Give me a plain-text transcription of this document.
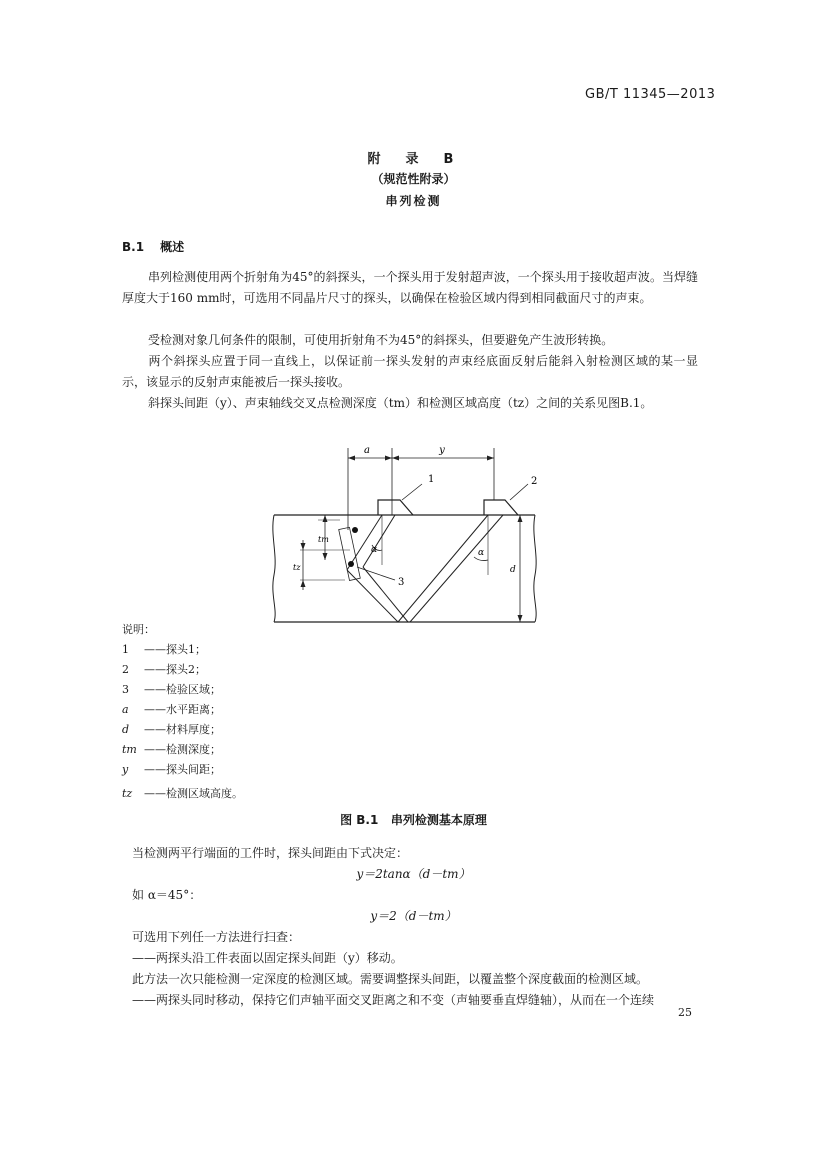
GB/T 11345—2013
附　录　B
（规范性附录）
串列检测
B.1 概述
串列检测使用两个折射角为45°的斜探头，一个探头用于发射超声波，一个探头用于接收超声波。当焊缝厚度大于160 mm时，可选用不同晶片尺寸的探头，以确保在检验区域内得到相同截面尺寸的声束。
受检测对象几何条件的限制，可使用折射角不为45°的斜探头，但要避免产生波形转换。
两个斜探头应置于同一直线上，以保证前一探头发射的声束经底面反射后能斜入射检测区域的某一显示，该显示的反射声束能被后一探头接收。
斜探头间距（y）、声束轴线交叉点检测深度（tm）和检测区域高度（tz）之间的关系见图B.1。
a	y
1	2
3
α	α
tm
tz	d
说明：
1 ——探头1；
2 ——探头2；
3 ——检验区域；
a ——水平距离；
d ——材料厚度；
tm ——检测深度；
y ——探头间距；
tz ——检测区域高度。
图 B.1 串列检测基本原理
当检测两平行端面的工件时，探头间距由下式决定：
y＝2tanα（d－tm）
如 α＝45°：
y＝2（d－tm）
可选用下列任一方法进行扫查：
——两探头沿工件表面以固定探头间距（y）移动。
此方法一次只能检测一定深度的检测区域。需要调整探头间距，以覆盖整个深度截面的检测区域。
——两探头同时移动，保持它们声轴平面交叉距离之和不变（声轴要垂直焊缝轴），从而在一个连续
25
